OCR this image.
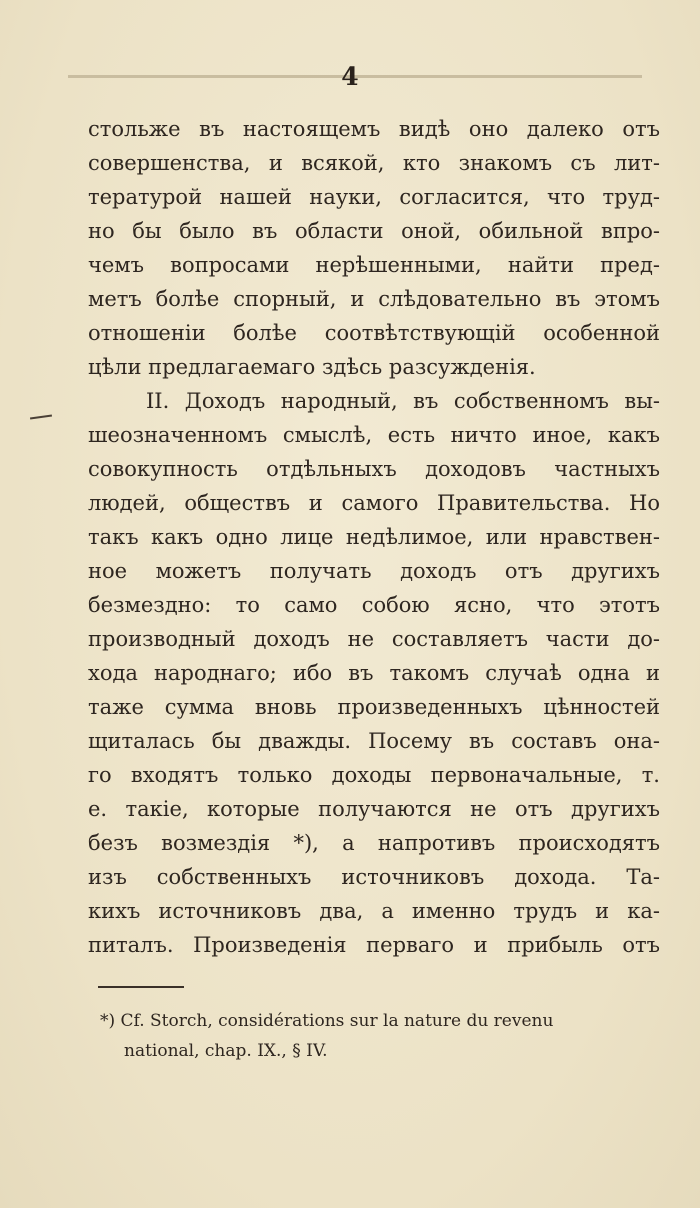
4
стольже въ настоящемъ видѣ оно далеко отъ
совершенства, и всякой, кто знакомъ съ лит-
тературой нашей науки, согласится, что труд-
но бы было въ области оной, обильной впро-
чемъ вопросами нерѣшенными, найти пред-
метъ болѣе спорный, и слѣдовательно въ этомъ
отношеніи болѣе соотвѣтствующій особенной
цѣли предлагаемаго здѣсь разсужденія.
II. Доходъ народный, въ собственномъ вы-
шеозначенномъ смыслѣ, есть ничто иное, какъ
совокупность отдѣльныхъ доходовъ частныхъ
людей, обществъ и самого Правительства. Но
такъ какъ одно лице недѣлимое, или нравствен-
ное можетъ получать доходъ отъ другихъ
безмездно: то само собою ясно, что этотъ
производный доходъ не составляетъ части до-
хода народнаго; ибо въ такомъ случаѣ одна и
таже сумма вновь произведенныхъ цѣнностей
щиталась бы дважды. Посему въ составъ она-
го входятъ только доходы первоначальные, т.
е. такіе, которые получаются не отъ другихъ
безъ возмездія *), а напротивъ происходятъ
изъ собственныхъ источниковъ дохода. Та-
кихъ источниковъ два, а именно трудъ и ка-
питалъ. Произведенія перваго и прибыль отъ
*) Cf. Storch, considérations sur la nature du revenu
national, chap. IX., § IV.
